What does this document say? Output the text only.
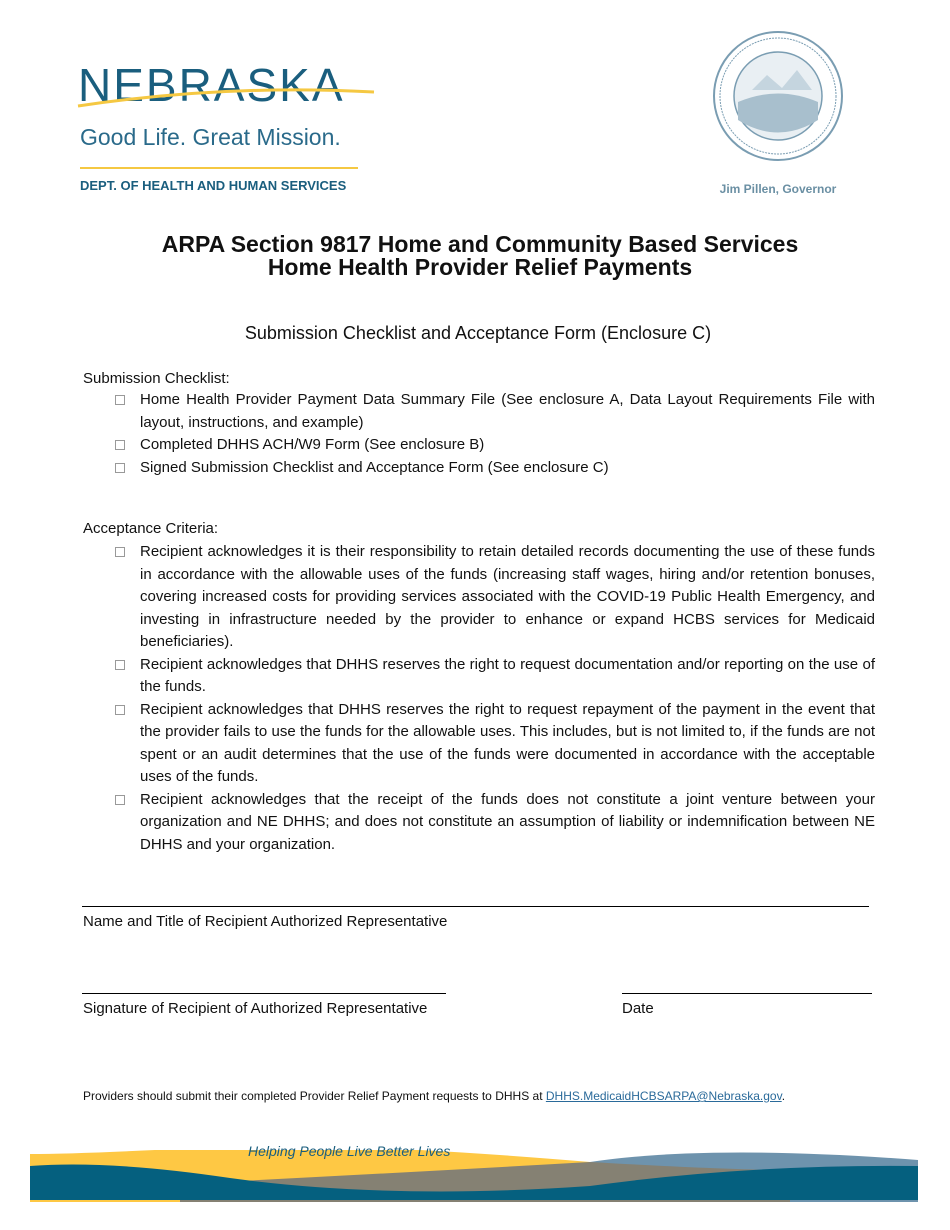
NEBRASKA
Good Life. Great Mission.
DEPT. OF HEALTH AND HUMAN SERVICES	Jim Pillen, Governor
ARPA Section 9817 Home and Community Based Services
Home Health Provider Relief Payments
Submission Checklist and Acceptance Form (Enclosure C)
Submission Checklist:
Home Health Provider Payment Data Summary File (See enclosure A, Data Layout Requirements File with layout, instructions, and example)
Completed DHHS ACH/W9 Form (See enclosure B)
Signed Submission Checklist and Acceptance Form (See enclosure C)
Acceptance Criteria:
Recipient acknowledges it is their responsibility to retain detailed records documenting the use of these funds in accordance with the allowable uses of the funds (increasing staff wages, hiring and/or retention bonuses, covering increased costs for providing services associated with the COVID-19 Public Health Emergency, and investing in infrastructure needed by the provider to enhance or expand HCBS services for Medicaid beneficiaries).
Recipient acknowledges that DHHS reserves the right to request documentation and/or reporting on the use of the funds.
Recipient acknowledges that DHHS reserves the right to request repayment of the payment in the event that the provider fails to use the funds for the allowable uses. This includes, but is not limited to, if the funds are not spent or an audit determines that the use of the funds were documented in accordance with the acceptable uses of the funds.
Recipient acknowledges that the receipt of the funds does not constitute a joint venture between your organization and NE DHHS; and does not constitute an assumption of liability or indemnification between NE DHHS and your organization.
Name and Title of Recipient Authorized Representative
Signature of Recipient of Authorized Representative	Date
Providers should submit their completed Provider Relief Payment requests to DHHS at DHHS.MedicaidHCBSARPA@Nebraska.gov.
Helping People Live Better Lives
